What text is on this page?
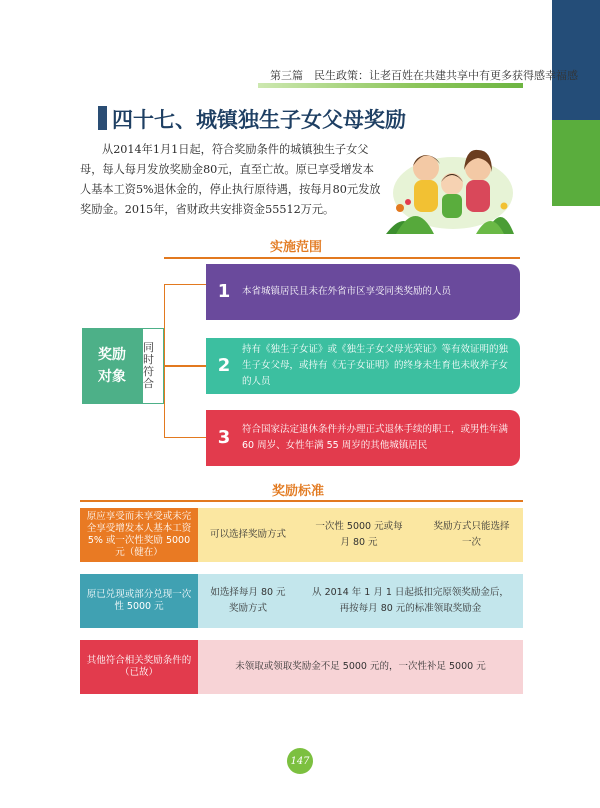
第三篇　民生政策：让老百姓在共建共享中有更多获得感幸福感
四十七、城镇独生子女父母奖励

从2014年1月1日起，符合奖励条件的城镇独生子女父母，每人每月发放奖励金80元，直至亡故。原已享受增发本人基本工资5%退休金的，停止执行原待遇，按每月80元发放奖励金。2015年，省财政共安排资金55512万元。

实施范围
奖励
对象
同时
符合
1	本省城镇居民且未在外省市区享受同类奖励的人员
2
持有《独生子女证》或《独生子女父母光荣证》等有效证明的独生子女父母，或持有《无子女证明》的终身未生育也未收养子女的人员
3	符合国家法定退休条件并办理正式退休手续的职工，或男性年满 60 周岁、女性年满 55 周岁的其他城镇居民
奖励标准
原应享受而未享受或未完全享受增发本人基本工资 5% 或一次性奖励 5000 元（健在）
可以选择奖励方式
一次性 5000 元或每月 80 元
奖励方式只能选择一次
原已兑现或部分兑现一次性 5000 元
如选择每月 80 元奖励方式
从 2014 年 1 月 1 日起抵扣完原领奖励金后，再按每月 80 元的标准领取奖励金
其他符合相关奖励条件的（已故）
未领取或领取奖励金不足 5000 元的，一次性补足 5000 元
147
